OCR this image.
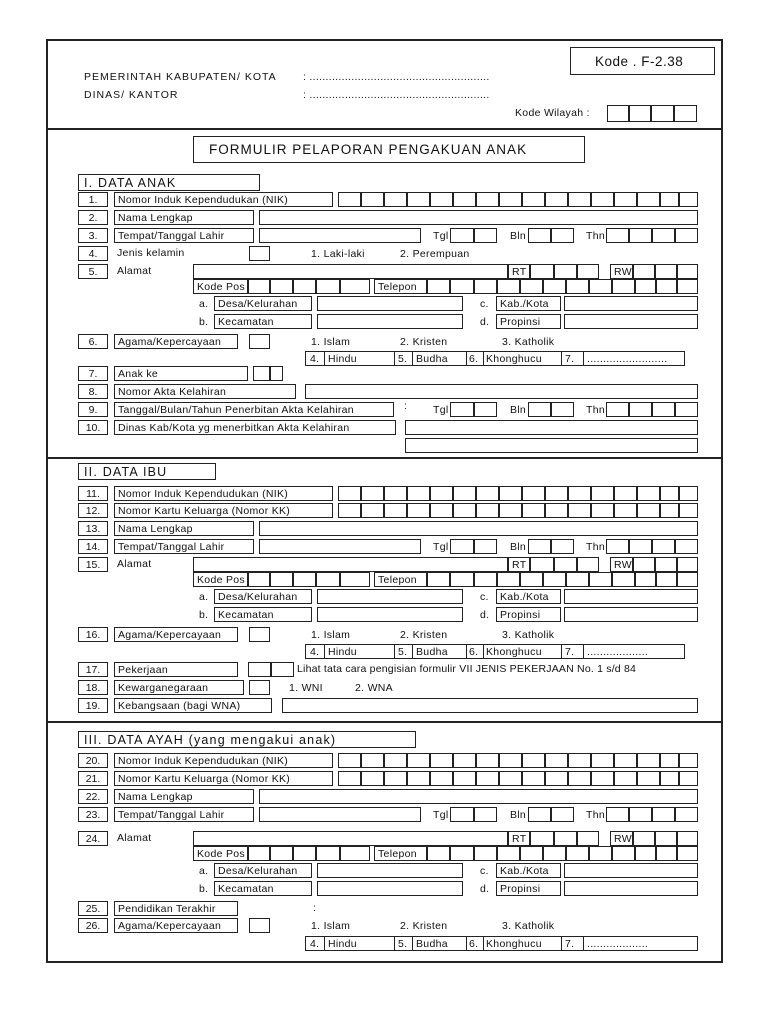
Kode . F-2.38
PEMERINTAH KABUPATEN/ KOTA	: ........................................................
DINAS/ KANTOR	: ........................................................
Kode Wilayah :
FORMULIR PELAPORAN PENGAKUAN ANAK
I. DATA ANAK
1.	Nomor Induk Kependudukan (NIK)
2.	Nama Lengkap
3.	Tempat/Tanggal Lahir	Tgl	Bln	Thn
4.	Jenis kelamin	1. Laki-laki	2. Perempuan
5.	Alamat	RT	RW
Kode Pos	Telepon
a. Desa/Kelurahan	c.	Kab./Kota
b. Kecamatan	d.	Propinsi
6.	Agama/Kepercayaan	1. Islam	2. Kristen	3. Katholik
4. Hindu	5. Budha 6. Khonghucu 7. .........................
7.	Anak ke
8.	Nomor Akta Kelahiran
9.	Tanggal/Bulan/Tahun Penerbitan Akta Kelahiran	: Tgl	Bln	Thn
10.	Dinas Kab/Kota yg menerbitkan Akta Kelahiran
II. DATA IBU
11.	Nomor Induk Kependudukan (NIK)
12.	Nomor Kartu Keluarga (Nomor KK)
13.	Nama Lengkap
14.	Tempat/Tanggal Lahir	Tgl	Bln	Thn
15.	Alamat	RT	RW
Kode Pos	Telepon
a. Desa/Kelurahan	c.	Kab./Kota
b. Kecamatan	d.	Propinsi
16.	Agama/Kepercayaan	1. Islam	2. Kristen	3. Katholik
4. Hindu	5. Budha 6. Khonghucu 7. ...................
17.	Pekerjaan	Lihat tata cara pengisian formulir VII JENIS PEKERJAAN No. 1 s/d 84
18.	Kewarganegaraan	1. WNI	2. WNA
19.	Kebangsaan (bagi WNA)
III. DATA AYAH (yang mengakui anak)
20.	Nomor Induk Kependudukan (NIK)
21.	Nomor Kartu Keluarga (Nomor KK)
22.	Nama Lengkap
23.	Tempat/Tanggal Lahir	Tgl	Bln	Thn
24.	Alamat	RT	RW
Kode Pos	Telepon
a. Desa/Kelurahan	c.	Kab./Kota
b. Kecamatan	d.	Propinsi
25.	Pendidikan Terakhir	:
26.	Agama/Kepercayaan	1. Islam	2. Kristen	3. Katholik
4. Hindu	5. Budha 6. Khonghucu 7. ...................
